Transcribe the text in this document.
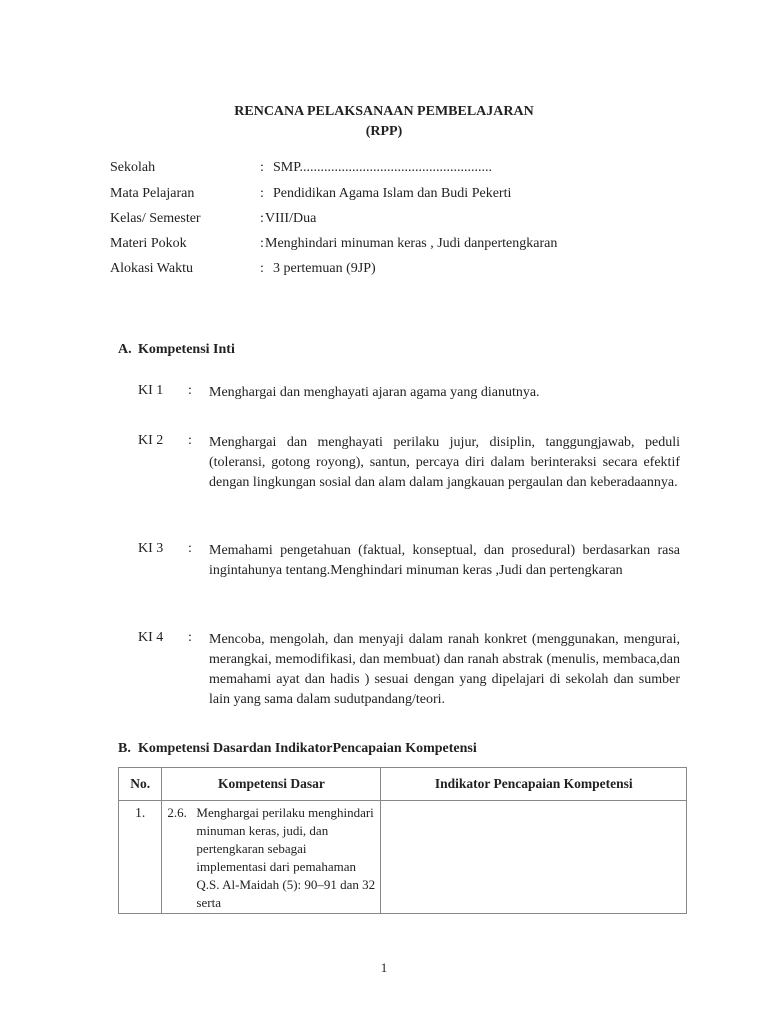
RENCANA PELAKSANAAN PEMBELAJARAN
(RPP)
Sekolah	: SMP.......................................................
Mata Pelajaran	: Pendidikan Agama Islam dan Budi Pekerti
Kelas/ Semester	: VIII/Dua
Materi Pokok	: Menghindari minuman keras , Judi danpertengkaran
Alokasi Waktu	: 3 pertemuan (9JP)
A. Kompetensi Inti
KI 1 : Menghargai dan menghayati ajaran agama yang dianutnya.
KI 2 : Menghargai dan menghayati perilaku jujur, disiplin, tanggungjawab, peduli (toleransi, gotong royong), santun, percaya diri dalam berinteraksi secara efektif dengan lingkungan sosial dan alam dalam jangkauan pergaulan dan keberadaannya.
KI 3 : Memahami pengetahuan (faktual, konseptual, dan prosedural) berdasarkan rasa ingintahunya tentang.Menghindari minuman keras ,Judi dan pertengkaran
KI 4 : Mencoba, mengolah, dan menyaji dalam ranah konkret (menggunakan, mengurai, merangkai, memodifikasi, dan membuat) dan ranah abstrak (menulis, membaca,dan memahami ayat dan hadis ) sesuai dengan yang dipelajari di sekolah dan sumber lain yang sama dalam sudutpandang/teori.
B. Kompetensi Dasardan IndikatorPencapaian Kompetensi
No.	Kompetensi Dasar	Indikator Pencapaian Kompetensi
1.	2.6. Menghargai perilaku menghindari minuman keras, judi, dan pertengkaran sebagai implementasi dari pemahaman Q.S. Al-Maidah (5): 90–91 dan 32 serta	

1
